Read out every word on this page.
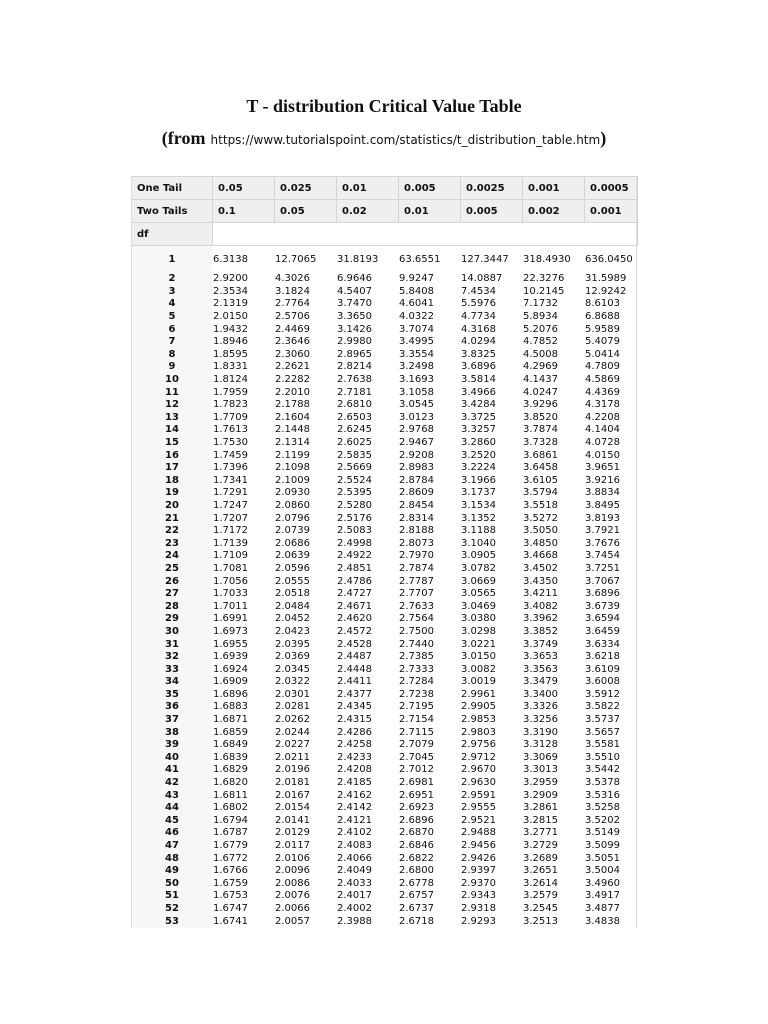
T - distribution Critical Value Table
(from https://www.tutorialspoint.com/statistics/t_distribution_table.htm)
One Tail	0.05	0.025	0.01	0.005	0.0025	0.001	0.0005
Two Tails	0.1	0.05	0.02	0.01	0.005	0.002	0.001
df							
1	6.3138	12.7065	31.8193	63.6551	127.3447	318.4930	636.0450
2	2.9200	4.3026	6.9646	9.9247	14.0887	22.3276	31.5989
3	2.3534	3.1824	4.5407	5.8408	7.4534	10.2145	12.9242
4	2.1319	2.7764	3.7470	4.6041	5.5976	7.1732	8.6103
5	2.0150	2.5706	3.3650	4.0322	4.7734	5.8934	6.8688
6	1.9432	2.4469	3.1426	3.7074	4.3168	5.2076	5.9589
7	1.8946	2.3646	2.9980	3.4995	4.0294	4.7852	5.4079
8	1.8595	2.3060	2.8965	3.3554	3.8325	4.5008	5.0414
9	1.8331	2.2621	2.8214	3.2498	3.6896	4.2969	4.7809
10	1.8124	2.2282	2.7638	3.1693	3.5814	4.1437	4.5869
11	1.7959	2.2010	2.7181	3.1058	3.4966	4.0247	4.4369
12	1.7823	2.1788	2.6810	3.0545	3.4284	3.9296	4.3178
13	1.7709	2.1604	2.6503	3.0123	3.3725	3.8520	4.2208
14	1.7613	2.1448	2.6245	2.9768	3.3257	3.7874	4.1404
15	1.7530	2.1314	2.6025	2.9467	3.2860	3.7328	4.0728
16	1.7459	2.1199	2.5835	2.9208	3.2520	3.6861	4.0150
17	1.7396	2.1098	2.5669	2.8983	3.2224	3.6458	3.9651
18	1.7341	2.1009	2.5524	2.8784	3.1966	3.6105	3.9216
19	1.7291	2.0930	2.5395	2.8609	3.1737	3.5794	3.8834
20	1.7247	2.0860	2.5280	2.8454	3.1534	3.5518	3.8495
21	1.7207	2.0796	2.5176	2.8314	3.1352	3.5272	3.8193
22	1.7172	2.0739	2.5083	2.8188	3.1188	3.5050	3.7921
23	1.7139	2.0686	2.4998	2.8073	3.1040	3.4850	3.7676
24	1.7109	2.0639	2.4922	2.7970	3.0905	3.4668	3.7454
25	1.7081	2.0596	2.4851	2.7874	3.0782	3.4502	3.7251
26	1.7056	2.0555	2.4786	2.7787	3.0669	3.4350	3.7067
27	1.7033	2.0518	2.4727	2.7707	3.0565	3.4211	3.6896
28	1.7011	2.0484	2.4671	2.7633	3.0469	3.4082	3.6739
29	1.6991	2.0452	2.4620	2.7564	3.0380	3.3962	3.6594
30	1.6973	2.0423	2.4572	2.7500	3.0298	3.3852	3.6459
31	1.6955	2.0395	2.4528	2.7440	3.0221	3.3749	3.6334
32	1.6939	2.0369	2.4487	2.7385	3.0150	3.3653	3.6218
33	1.6924	2.0345	2.4448	2.7333	3.0082	3.3563	3.6109
34	1.6909	2.0322	2.4411	2.7284	3.0019	3.3479	3.6008
35	1.6896	2.0301	2.4377	2.7238	2.9961	3.3400	3.5912
36	1.6883	2.0281	2.4345	2.7195	2.9905	3.3326	3.5822
37	1.6871	2.0262	2.4315	2.7154	2.9853	3.3256	3.5737
38	1.6859	2.0244	2.4286	2.7115	2.9803	3.3190	3.5657
39	1.6849	2.0227	2.4258	2.7079	2.9756	3.3128	3.5581
40	1.6839	2.0211	2.4233	2.7045	2.9712	3.3069	3.5510
41	1.6829	2.0196	2.4208	2.7012	2.9670	3.3013	3.5442
42	1.6820	2.0181	2.4185	2.6981	2.9630	3.2959	3.5378
43	1.6811	2.0167	2.4162	2.6951	2.9591	3.2909	3.5316
44	1.6802	2.0154	2.4142	2.6923	2.9555	3.2861	3.5258
45	1.6794	2.0141	2.4121	2.6896	2.9521	3.2815	3.5202
46	1.6787	2.0129	2.4102	2.6870	2.9488	3.2771	3.5149
47	1.6779	2.0117	2.4083	2.6846	2.9456	3.2729	3.5099
48	1.6772	2.0106	2.4066	2.6822	2.9426	3.2689	3.5051
49	1.6766	2.0096	2.4049	2.6800	2.9397	3.2651	3.5004
50	1.6759	2.0086	2.4033	2.6778	2.9370	3.2614	3.4960
51	1.6753	2.0076	2.4017	2.6757	2.9343	3.2579	3.4917
52	1.6747	2.0066	2.4002	2.6737	2.9318	3.2545	3.4877
53	1.6741	2.0057	2.3988	2.6718	2.9293	3.2513	3.4838
